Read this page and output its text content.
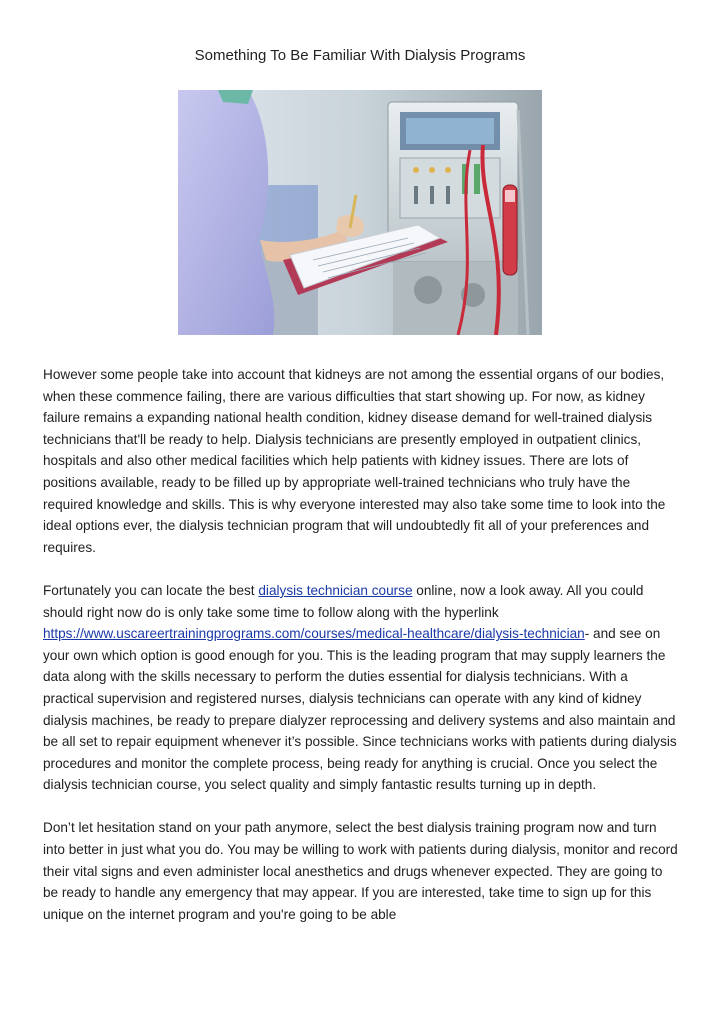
Something To Be Familiar With Dialysis Programs

However some people take into account that kidneys are not among the essential organs of our bodies, when these commence failing, there are various difficulties that start showing up. For now, as kidney failure remains a expanding national health condition, kidney disease demand for well-trained dialysis technicians that'll be ready to help. Dialysis technicians are presently employed in outpatient clinics, hospitals and also other medical facilities which help patients with kidney issues. There are lots of positions available, ready to be filled up by appropriate well-trained technicians who truly have the required knowledge and skills. This is why everyone interested may also take some time to look into the ideal options ever, the dialysis technician program that will undoubtedly fit all of your preferences and requires.

Fortunately you can locate the best dialysis technician course online, now a look away. All you could should right now do is only take some time to follow along with the hyperlink https://www.uscareertrainingprograms.com/courses/medical-healthcare/dialysis-technician- and see on your own which option is good enough for you. This is the leading program that may supply learners the data along with the skills necessary to perform the duties essential for dialysis technicians. With a practical supervision and registered nurses, dialysis technicians can operate with any kind of kidney dialysis machines, be ready to prepare dialyzer reprocessing and delivery systems and also maintain and be all set to repair equipment whenever it’s possible. Since technicians works with patients during dialysis procedures and monitor the complete process, being ready for anything is crucial. Once you select the dialysis technician course, you select quality and simply fantastic results turning up in depth.

Don’t let hesitation stand on your path anymore, select the best dialysis training program now and turn into better in just what you do. You may be willing to work with patients during dialysis, monitor and record their vital signs and even administer local anesthetics and drugs whenever expected. They are going to be ready to handle any emergency that may appear. If you are interested, take time to sign up for this unique on the internet program and you're going to be able
